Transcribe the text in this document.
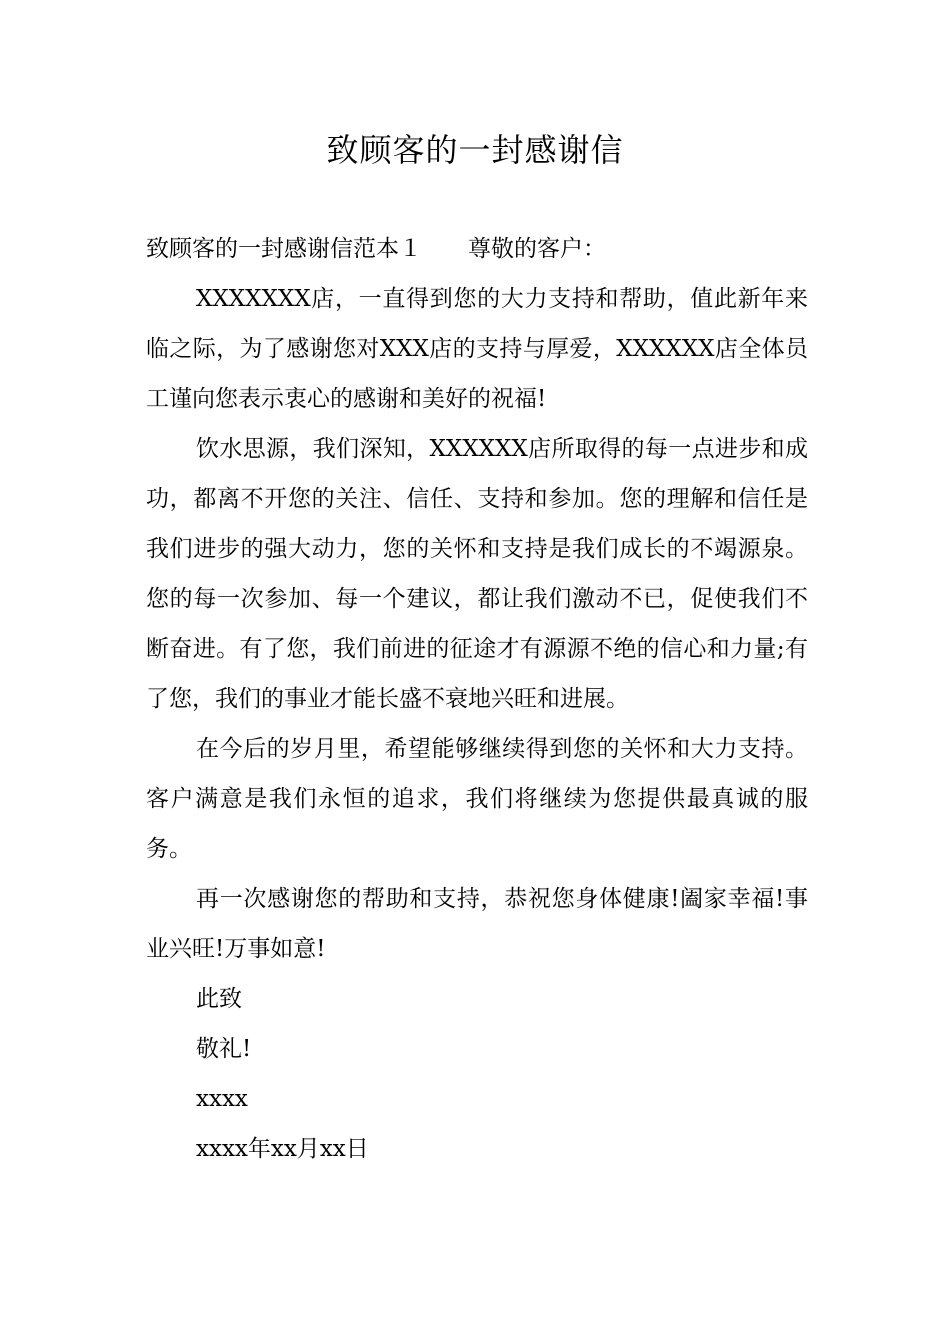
致顾客的一封感谢信

致顾客的一封感谢信范本１ 尊敬的客户：

XXXXXXX店，一直得到您的大力支持和帮助，值此新年来临之际，为了感谢您对XXX店的支持与厚爱，XXXXXX店全体员工谨向您表示衷心的感谢和美好的祝福!

饮水思源，我们深知，XXXXXX店所取得的每一点进步和成功，都离不开您的关注、信任、支持和参加。您的理解和信任是我们进步的强大动力，您的关怀和支持是我们成长的不竭源泉。您的每一次参加、每一个建议，都让我们激动不已，促使我们不断奋进。有了您，我们前进的征途才有源源不绝的信心和力量;有了您，我们的事业才能长盛不衰地兴旺和进展。

在今后的岁月里，希望能够继续得到您的关怀和大力支持。客户满意是我们永恒的追求，我们将继续为您提供最真诚的服务。

再一次感谢您的帮助和支持，恭祝您身体健康!阖家幸福!事业兴旺!万事如意!

此致

敬礼!

xxxx

xxxx年xx月xx日
